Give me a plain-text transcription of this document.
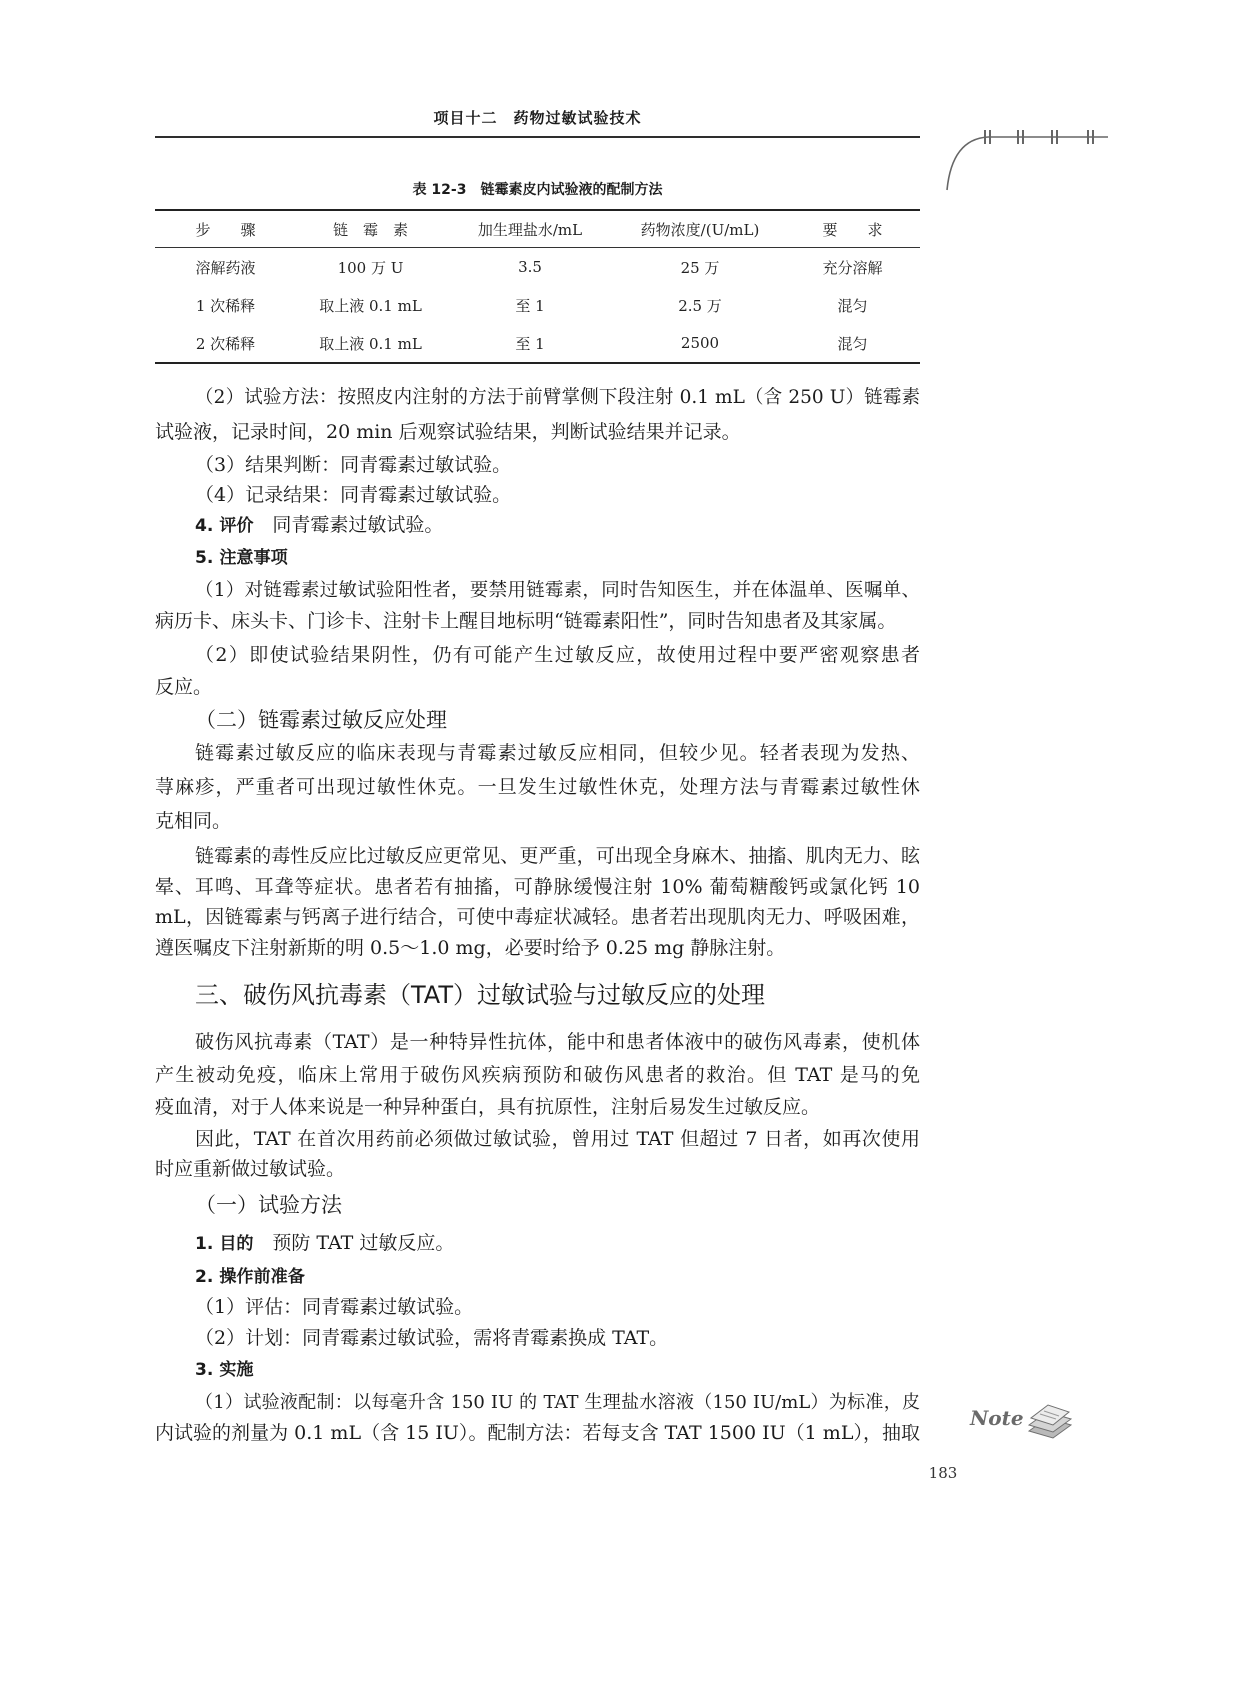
项目十二　药物过敏试验技术
表 12-3　链霉素皮内试验液的配制方法
步　　骤	链　霉　素	加生理盐水/mL	药物浓度/(U/mL)	要　　求
溶解药液	100 万 U	3.5	25 万	充分溶解
1 次稀释	取上液 0.1 mL	至 1	2.5 万	混匀
2 次稀释	取上液 0.1 mL	至 1	2500	混匀
（2）试验方法：按照皮内注射的方法于前臂掌侧下段注射 0.1 mL（含 250 U）链霉素
试验液，记录时间，20 min 后观察试验结果，判断试验结果并记录。
（3）结果判断：同青霉素过敏试验。
（4）记录结果：同青霉素过敏试验。
4. 评价 同青霉素过敏试验。
5. 注意事项
（1）对链霉素过敏试验阳性者，要禁用链霉素，同时告知医生，并在体温单、医嘱单、
病历卡、床头卡、门诊卡、注射卡上醒目地标明“链霉素阳性”，同时告知患者及其家属。
（2）即使试验结果阴性，仍有可能产生过敏反应，故使用过程中要严密观察患者
反应。
（二）链霉素过敏反应处理
链霉素过敏反应的临床表现与青霉素过敏反应相同，但较少见。轻者表现为发热、
荨麻疹，严重者可出现过敏性休克。一旦发生过敏性休克，处理方法与青霉素过敏性休
克相同。
链霉素的毒性反应比过敏反应更常见、更严重，可出现全身麻木、抽搐、肌肉无力、眩
晕、耳鸣、耳聋等症状。患者若有抽搐，可静脉缓慢注射 10% 葡萄糖酸钙或氯化钙 10
mL，因链霉素与钙离子进行结合，可使中毒症状减轻。患者若出现肌肉无力、呼吸困难，
遵医嘱皮下注射新斯的明 0.5～1.0 mg，必要时给予 0.25 mg 静脉注射。
三、破伤风抗毒素（TAT）过敏试验与过敏反应的处理
破伤风抗毒素（TAT）是一种特异性抗体，能中和患者体液中的破伤风毒素，使机体
产生被动免疫，临床上常用于破伤风疾病预防和破伤风患者的救治。但 TAT 是马的免
疫血清，对于人体来说是一种异种蛋白，具有抗原性，注射后易发生过敏反应。
因此，TAT 在首次用药前必须做过敏试验，曾用过 TAT 但超过 7 日者，如再次使用
时应重新做过敏试验。
（一）试验方法
1. 目的 预防 TAT 过敏反应。
2. 操作前准备
（1）评估：同青霉素过敏试验。
（2）计划：同青霉素过敏试验，需将青霉素换成 TAT。
3. 实施
（1）试验液配制：以每毫升含 150 IU 的 TAT 生理盐水溶液（150 IU/mL）为标准，皮
内试验的剂量为 0.1 mL（含 15 IU）。配制方法：若每支含 TAT 1500 IU（1 mL），抽取
Note
183
